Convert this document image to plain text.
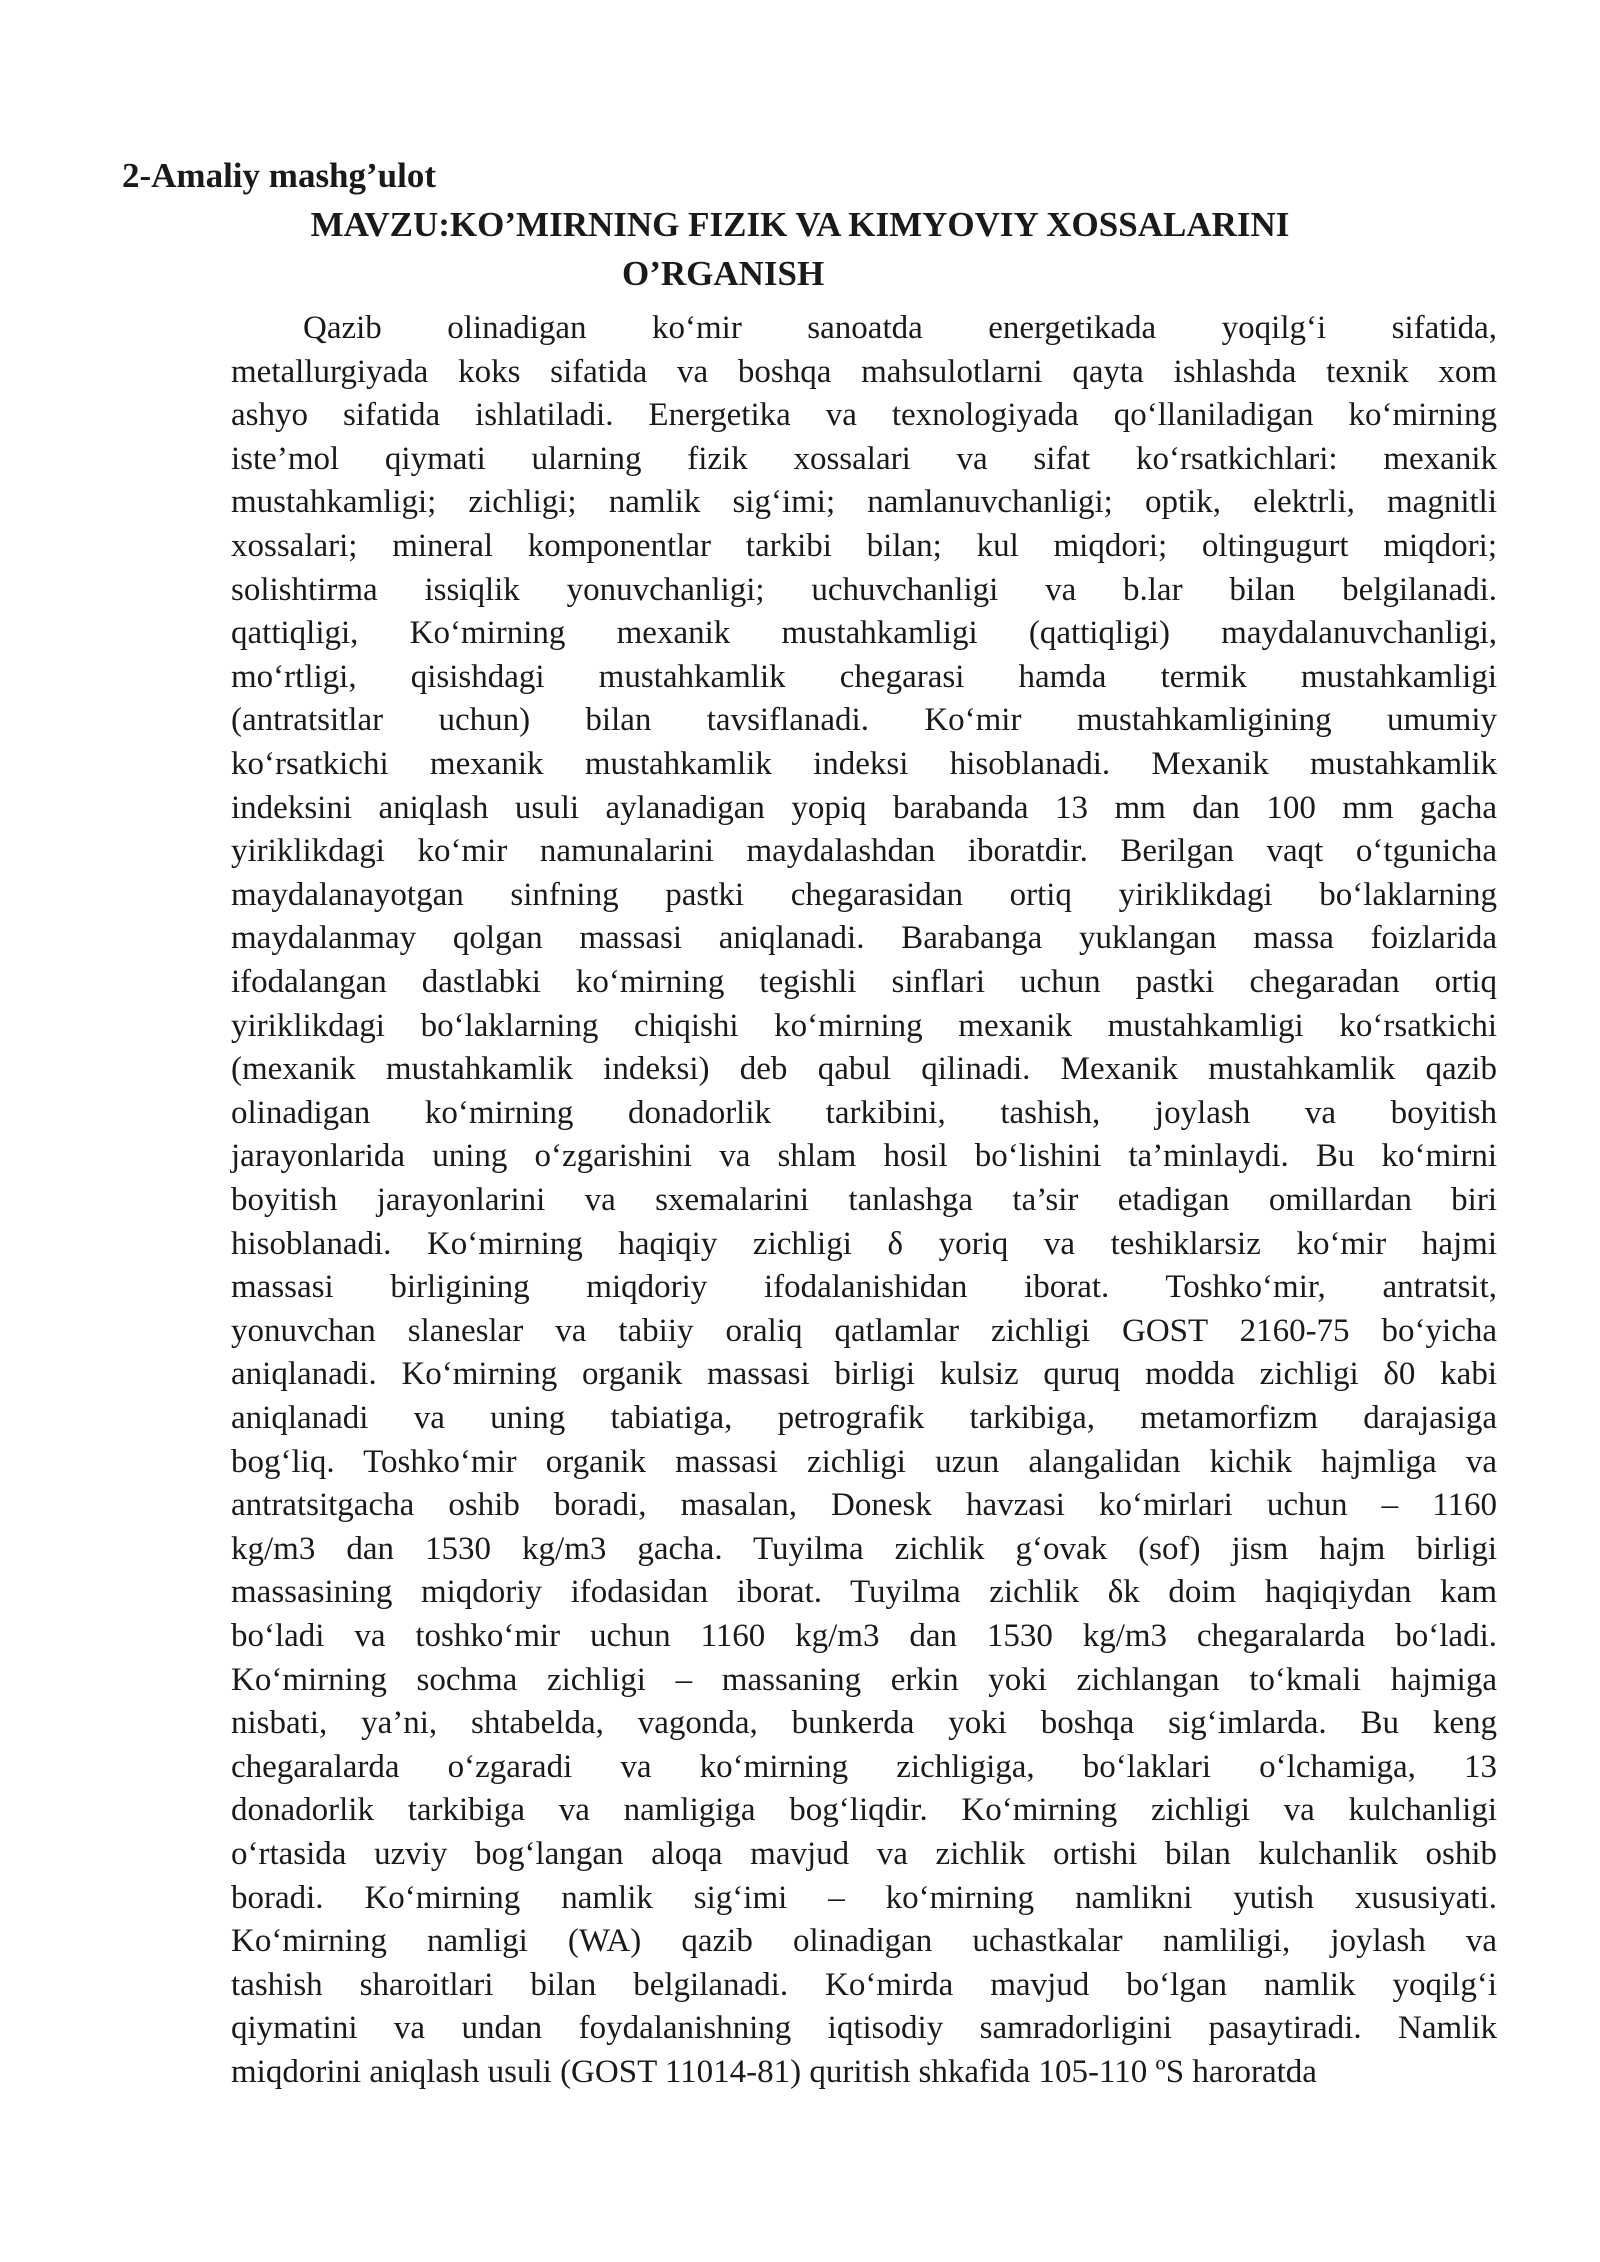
2-Amaliy mashg’ulot
MAVZU:KO’MIRNING FIZIK VA KIMYOVIY XOSSALARINI
O’RGANISH
Qazib olinadigan ko‘mir sanoatda energetikada yoqilg‘i sifatida,
metallurgiyada koks sifatida va boshqa mahsulotlarni qayta ishlashda texnik xom
ashyo sifatida ishlatiladi. Energetika va texnologiyada qo‘llaniladigan ko‘mirning
iste’mol qiymati ularning fizik xossalari va sifat ko‘rsatkichlari: mexanik
mustahkamligi; zichligi; namlik sig‘imi; namlanuvchanligi; optik, elektrli, magnitli
xossalari; mineral komponentlar tarkibi bilan; kul miqdori; oltingugurt miqdori;
solishtirma issiqlik yonuvchanligi; uchuvchanligi va b.lar bilan belgilanadi.
qattiqligi, Ko‘mirning mexanik mustahkamligi (qattiqligi) maydalanuvchanligi,
mo‘rtligi, qisishdagi mustahkamlik chegarasi hamda termik mustahkamligi
(antratsitlar uchun) bilan tavsiflanadi. Ko‘mir mustahkamligining umumiy
ko‘rsatkichi mexanik mustahkamlik indeksi hisoblanadi. Mexanik mustahkamlik
indeksini aniqlash usuli aylanadigan yopiq barabanda 13 mm dan 100 mm gacha
yiriklikdagi ko‘mir namunalarini maydalashdan iboratdir. Berilgan vaqt o‘tgunicha
maydalanayotgan sinfning pastki chegarasidan ortiq yiriklikdagi bo‘laklarning
maydalanmay qolgan massasi aniqlanadi. Barabanga yuklangan massa foizlarida
ifodalangan dastlabki ko‘mirning tegishli sinflari uchun pastki chegaradan ortiq
yiriklikdagi bo‘laklarning chiqishi ko‘mirning mexanik mustahkamligi ko‘rsatkichi
(mexanik mustahkamlik indeksi) deb qabul qilinadi. Mexanik mustahkamlik qazib
olinadigan ko‘mirning donadorlik tarkibini, tashish, joylash va boyitish
jarayonlarida uning o‘zgarishini va shlam hosil bo‘lishini ta’minlaydi. Bu ko‘mirni
boyitish jarayonlarini va sxemalarini tanlashga ta’sir etadigan omillardan biri
hisoblanadi. Ko‘mirning haqiqiy zichligi δ yoriq va teshiklarsiz ko‘mir hajmi
massasi birligining miqdoriy ifodalanishidan iborat. Toshko‘mir, antratsit,
yonuvchan slaneslar va tabiiy oraliq qatlamlar zichligi GOST 2160-75 bo‘yicha
aniqlanadi. Ko‘mirning organik massasi birligi kulsiz quruq modda zichligi δ0 kabi
aniqlanadi va uning tabiatiga, petrografik tarkibiga, metamorfizm darajasiga
bog‘liq. Toshko‘mir organik massasi zichligi uzun alangalidan kichik hajmliga va
antratsitgacha oshib boradi, masalan, Donesk havzasi ko‘mirlari uchun – 1160
kg/m3 dan 1530 kg/m3 gacha. Tuyilma zichlik g‘ovak (sof) jism hajm birligi
massasining miqdoriy ifodasidan iborat. Tuyilma zichlik δk doim haqiqiydan kam
bo‘ladi va toshko‘mir uchun 1160 kg/m3 dan 1530 kg/m3 chegaralarda bo‘ladi.
Ko‘mirning sochma zichligi – massaning erkin yoki zichlangan to‘kmali hajmiga
nisbati, ya’ni, shtabelda, vagonda, bunkerda yoki boshqa sig‘imlarda. Bu keng
chegaralarda o‘zgaradi va ko‘mirning zichligiga, bo‘laklari o‘lchamiga, 13
donadorlik tarkibiga va namligiga bog‘liqdir. Ko‘mirning zichligi va kulchanligi
o‘rtasida uzviy bog‘langan aloqa mavjud va zichlik ortishi bilan kulchanlik oshib
boradi. Ko‘mirning namlik sig‘imi – ko‘mirning namlikni yutish xususiyati.
Ko‘mirning namligi (WA) qazib olinadigan uchastkalar namliligi, joylash va
tashish sharoitlari bilan belgilanadi. Ko‘mirda mavjud bo‘lgan namlik yoqilg‘i
qiymatini va undan foydalanishning iqtisodiy samradorligini pasaytiradi. Namlik
miqdorini aniqlash usuli (GOST 11014-81) quritish shkafida 105-110 ºS haroratda
